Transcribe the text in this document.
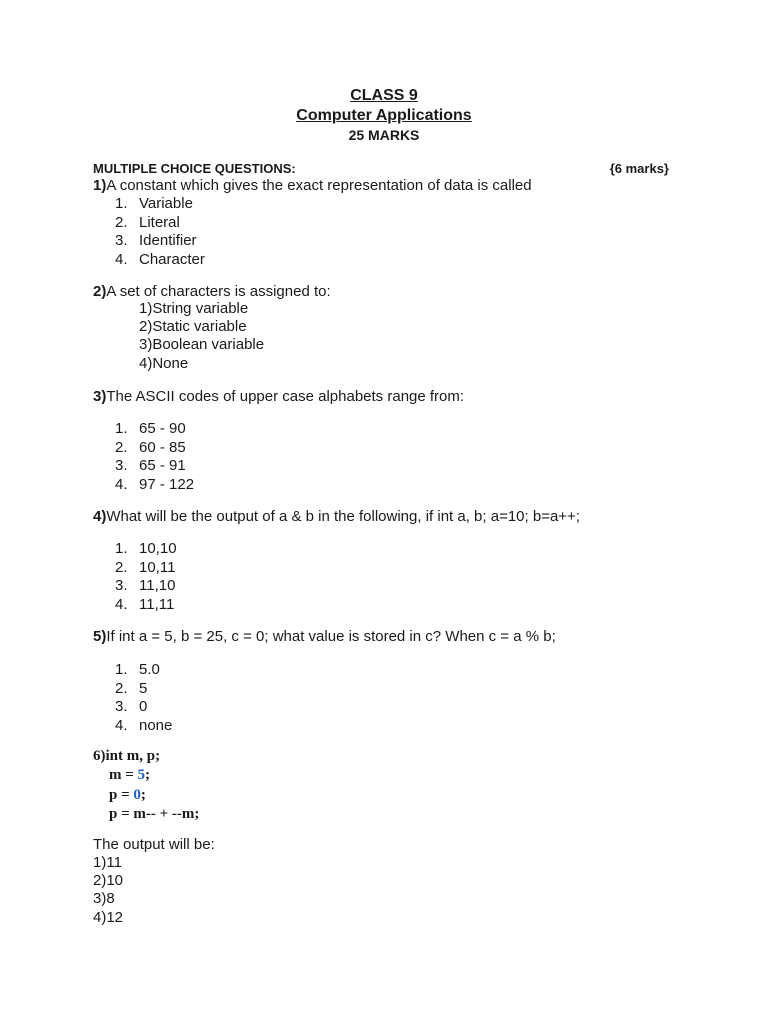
CLASS 9
Computer Applications
25 MARKS
MULTIPLE CHOICE QUESTIONS:	{6 marks}
1)A constant which gives the exact representation of data is called
1. Variable
2. Literal
3. Identifier
4. Character
2)A set of characters is assigned to:
1)String variable
2)Static variable
3)Boolean variable
4)None
3)The ASCII codes of upper case alphabets range from:
1. 65 - 90
2. 60 - 85
3. 65 - 91
4. 97 - 122
4)What will be the output of a & b in the following, if int a, b; a=10; b=a++;
1. 10,10
2. 10,11
3. 11,10
4. 11,11
5)If int a = 5, b = 25, c = 0; what value is stored in c? When c = a % b;
1. 5.0
2. 5
3. 0
4. none
6)int m, p;
m = 5;
p = 0;
p = m-- + --m;
The output will be:
1)11
2)10
3)8
4)12
